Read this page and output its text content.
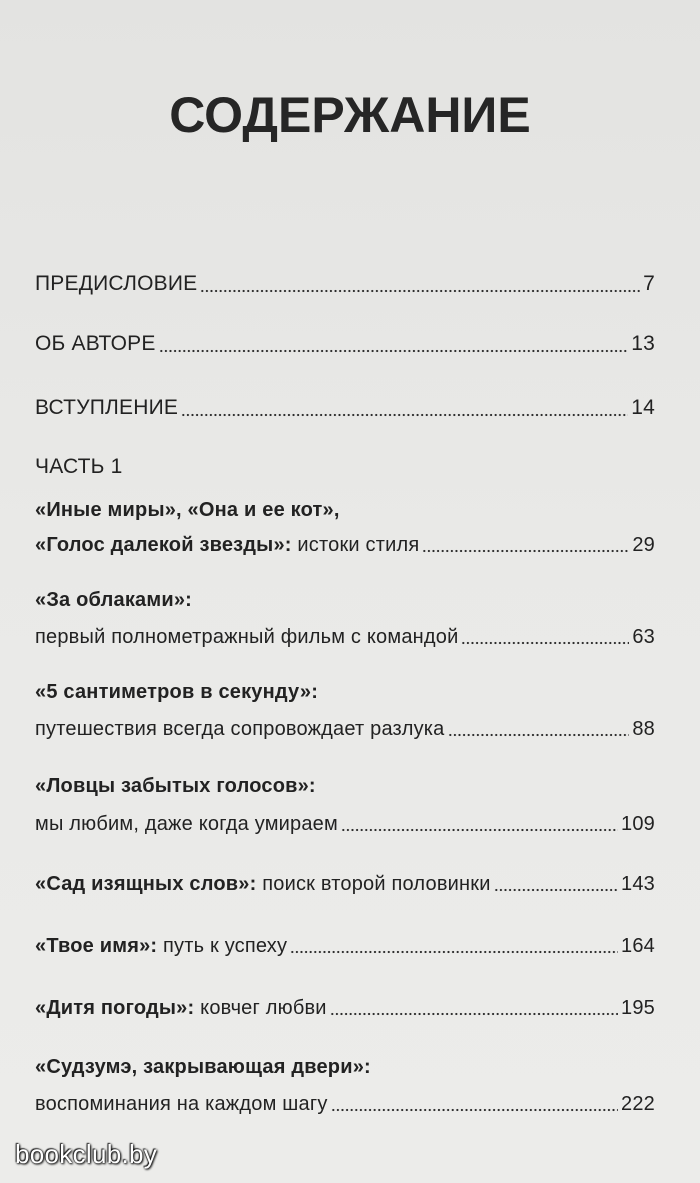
СОДЕРЖАНИЕ
ПРЕДИСЛОВИЕ	7
ОБ АВТОРЕ	13
ВСТУПЛЕНИЕ	14
ЧАСТЬ 1
«Иные миры», «Она и ее кот»,
«Голос далекой звезды»: истоки стиля	29
«За облаками»:
первый полнометражный фильм с командой	63
«5 сантиметров в секунду»:
путешествия всегда сопровождает разлука	88
«Ловцы забытых голосов»:
мы любим, даже когда умираем	109
«Сад изящных слов»: поиск второй половинки	143
«Твое имя»: путь к успеху	164
«Дитя погоды»: ковчег любви	195
«Судзумэ, закрывающая двери»:
воспоминания на каждом шагу	222
bookclub.by
